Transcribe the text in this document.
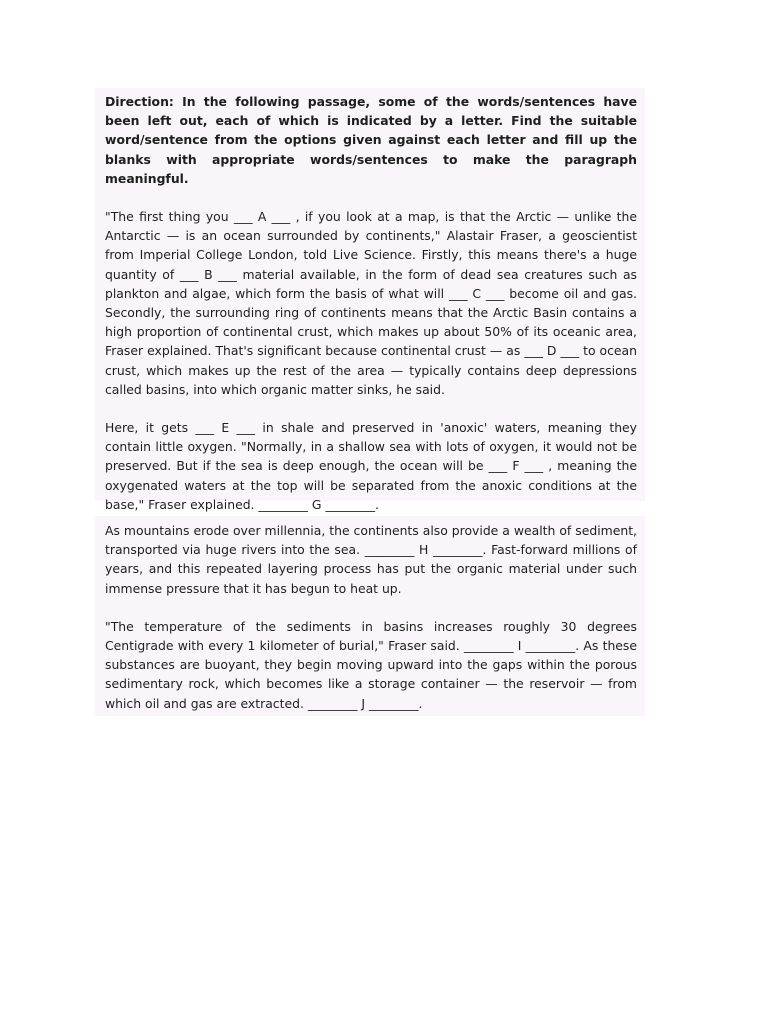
Direction: In the following passage, some of the words/sentences have been left out, each of which is indicated by a letter. Find the suitable word/sentence from the options given against each letter and fill up the blanks with appropriate words/sentences to make the paragraph meaningful.

"The first thing you ___ A ___ , if you look at a map, is that the Arctic — unlike the Antarctic — is an ocean surrounded by continents," Alastair Fraser, a geoscientist from Imperial College London, told Live Science. Firstly, this means there's a huge quantity of ___ B ___ material available, in the form of dead sea creatures such as plankton and algae, which form the basis of what will ___ C ___ become oil and gas. Secondly, the surrounding ring of continents means that the Arctic Basin contains a high proportion of continental crust, which makes up about 50% of its oceanic area, Fraser explained. That's significant because continental crust — as ___ D ___ to ocean crust, which makes up the rest of the area — typically contains deep depressions called basins, into which organic matter sinks, he said.

Here, it gets ___ E ___ in shale and preserved in 'anoxic' waters, meaning they contain little oxygen. "Normally, in a shallow sea with lots of oxygen, it would not be preserved. But if the sea is deep enough, the ocean will be ___ F ___ , meaning the oxygenated waters at the top will be separated from the anoxic conditions at the base," Fraser explained. ________ G ________.

As mountains erode over millennia, the continents also provide a wealth of sediment, transported via huge rivers into the sea. ________ H ________. Fast-forward millions of years, and this repeated layering process has put the organic material under such immense pressure that it has begun to heat up.

"The temperature of the sediments in basins increases roughly 30 degrees Centigrade with every 1 kilometer of burial," Fraser said. ________ I ________. As these substances are buoyant, they begin moving upward into the gaps within the porous sedimentary rock, which becomes like a storage container — the reservoir — from which oil and gas are extracted. ________ J ________.
